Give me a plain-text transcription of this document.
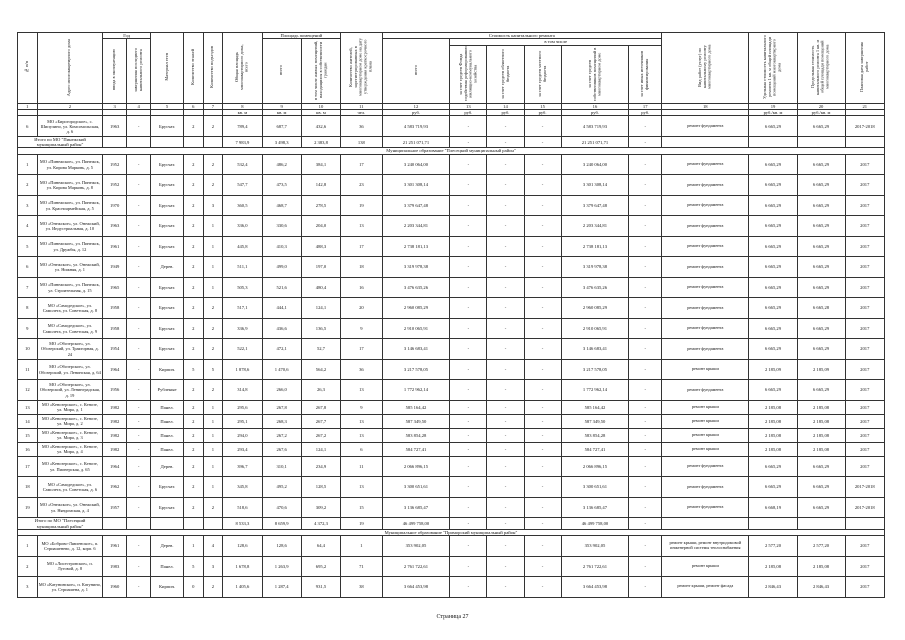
№ п/п	Адрес многоквартирного дома	Год		Материал стен	Количество этажей	Количество подъездов	Общая площадь многоквартирного дома, всего	Площадь помещений		Количество жителей, зарегистрированных в многоквартирном доме на дату утверждения краткосрочного плана	Стоимость капитального ремонта						Вид работ (услуг) по капитальному ремонту многоквартирного дома	Удельная стоимость капитального ремонта 1 кв. м общей площади помещений многоквартирного дома	Предельная стоимость капитального ремонта 1 кв. м общей площади помещений многоквартирного дома	Плановая дата завершения работ
		ввода в эксплуатацию	завершения последнего капитального ремонта					всего	в том числе жилых помещений, находящихся в собственности граждан		всего	в том числе								
												за счет средств Фонда содействия реформированию жилищно-коммунального хозяйства	за счет средств областного бюджета	за счет средств местного бюджета	за счет средств собственников помещений в многоквартирном доме	за счет иных источников финансирования				
1	2	3	4	5	6	7	8	9	10	11	12	13	14	15	16	17	18	19	20	21
							кв. м	кв. м	кв. м	чел.	руб.	руб.	руб.	руб.	руб.	руб.		руб./кв. м	руб./кв. м	
6	МО «Бирогородское», с. Шипулино, ул. Комсомольская, д. 6	1963	-	Брусчат.	2	2	789,4	687,7	432,6	36	4 583 719,93	-	-	-	4 583 719,93	-	ремонт фундамента	6 665,29	6 665,29	2017-2018
Итого по МО "Пинежский муниципальный район"							7 983,9	3 498,3	2 383,8	138	21 251 071,71	-	-	-	21 251 071,71	-				
Муниципальное образование "Плесецкий муниципальный район"																				
1	МО «Пинежское», ул. Пинежск, ул. Кирова Марковь, д. 5	1952	-	Брусчат.	2	2	532,4	486,2	384,1	17	3 240 064,00	-	-	-	3 240 064,00	-	ремонт фундамента	6 665,29	6 665,29	2017
2	МО «Пинежское», ул. Пинежск, ул. Кирова Марковь, д. 8	1952	-	Брусчат.	2	2	547,7	473,5	142,8	23	3 301 308,14	-	-	-	3 301 308,14	-	ремонт фундамента	6 665,29	6 665,29	2017
3	МО «Пинежское», ул. Пинежск, ул. Красноармейская, д. 5	1970	-	Брусчат.	2	3	360,5	468,7	278,5	19	3 379 647,48	-	-	-	3 379 647,48	-	ремонт фундамента	6 665,29	6 665,29	2017
4	МО «Онежское», ул. Онежский, ул. Индустриальная, д. 10	1963	-	Брусчат.	2	1	336,0	330,6	204,0	13	2 203 344,81	-	-	-	2 203 344,81	-	ремонт фундамента	6 665,29	6 665,29	2017
5	МО «Пинежское», ул. Пинежск, ул. Дружбы, д. 12	1961	-	Брусчат.	2	1	445,8	410,3	488,3	17	2 738 181,13	-	-	-	2 738 181,13	-	ремонт фундамента	6 665,29	6 665,29	2017
6	МО «Онежское», ул. Онежский, ул. Нижняя, д. 1	1949	-	Дерев.	2	1	511,1	499,0	197,0	18	3 319 978,38	-	-	-	3 319 978,38	-	ремонт фундамента	6 665,29	6 665,29	2017
7	МО «Пинежское», ул. Пинежск, ул. Строительная, д. 15	1965	-	Брусчат.	2	1	505,3	521,6	480,4	16	3 476 635,26	-	-	-	3 476 635,26	-	ремонт фундамента	6 665,29	6 665,29	2017
8	МО «Самодедское», ул. Самолета, ул. Советская, д. 8	1958	-	Брусчат.	2	2	517,1	444,1	124,1	20	2 960 085,29	-	-	-	2 960 085,29	-	ремонт фундамента	6 665,29	6 665,28	2017
9	МО «Самодедское», ул. Самолета, ул. Советская, д. 9	1958	-	Брусчат.	2	2	336,9	436,6	136,5	9	2 910 065,91	-	-	-	2 910 065,91	-	ремонт фундамента	6 665,29	6 665,29	2017
10	МО «Обозерское», ул. Обозерский, ул. Тракторная, д. 24	1954	-	Брусчат.	2	2	522,1	472,1	52,7	17	3 146 683,41	-	-	-	3 146 683,41	-	ремонт фундамента	6 665,29	6 665,29	2017
11	МО «Обозерское», ул. Обозерский, ул. Ленинская, д. 64	1964	-	Кирпич.	5	5	1 878,6	1 470,6	564,2	36	3 217 578,05	-	-	-	3 217 578,05	-	ремонт крыши	2 185,09	2 185,09	2017
12	МО «Обозерское», ул. Обозерский, ул. Ленинградская, д. 19	1956	-	Рубленые	2	2	314,8	266,0	26,3	13	1 772 962,14	-	-	-	1 772 962,14	-	ремонт фундамента	6 665,29	6 665,29	2017
13	МО «Кенозерское», с. Кенозе, ул. Мира, д. 1	1982	-	Панел.	2	1	295,6	267,8	267,8	9	585 164,42	-	-	-	585 164,42	-	ремонт крыши	2 185,08	2 185,08	2017
14	МО «Кенозерское», с. Кенозе, ул. Мира, д. 2	1982	-	Панел.	2	1	295,1	268,3	267,7	13	587 349,50	-	-	-	587 349,50	-	ремонт крыши	2 185,08	2 185,08	2017
15	МО «Кенозерское», с. Кенозе, ул. Мира, д. 3	1982	-	Панел.	2	1	294,0	267,2	267,2	13	583 854,28	-	-	-	583 854,28	-	ремонт крыши	2 185,08	2 185,08	2017
16	МО «Кенозерское», с. Кенозе, ул. Мира, д. 4	1982	-	Панел.	2	1	293,4	267,6	124,1	6	584 727,41	-	-	-	584 727,41	-	ремонт крыши	2 185,08	2 185,08	2017
17	МО «Кенозерское», с. Кенозе, ул. Пионерская, д. 65	1964	-	Дерев.	2	1	396,7	310,1	234,9	11	2 066 896,15	-	-	-	2 066 896,15	-	ремонт фундамента	6 665,29	6 665,29	2017
18	МО «Самодедское», ул. Самолета, ул. Советская, д. 6	1962	-	Брусчат.	2	1	345,8	495,2	128,5	13	3 300 651,61	-	-	-	3 300 651,61	-	ремонт фундамента	6 665,29	6 665,29	2017-2018
19	МО «Онежское», ул. Онежский, ул. Няндомская, д. 4	1957	-	Брусчат.	2	2	518,6	470,6	309,2	15	3 136 685,47	-	-	-	3 136 685,47	-	ремонт фундамента	6 668,19	6 665,29	2017-2018
Итого по МО "Плесецкий муниципальный район"							8 533,3	8 659,9	4 372,3	19	46 499 758,00	-	-	-	46 499 758,00	-				
Муниципальное образование "Приморский муниципальный район"																				
1	МО «Боброво-Лявленское», п. Стриашенево, д. 12, корп. 6	1961	-	Дерев.	1	4	128,6	128,6	64,4	1	353 902,05	-	-	-	353 902,05	-	ремонт крыши, ремонт внутридомовой инженерной системы теплоснабжения	2 577,20	2 577,20	2017
2	МО «Лисестровское», п. Луговой, д. 8	1983	-	Панел.	5	3	1 678,8	1 263,9	695,2	71	2 761 722,61	-	-	-	2 761 722,61	-	ремонт крыши	2 185,08	2 185,08	2017
3	МО «Катунинское», п. Катунино, ул. Стриашена, д. 1	1960	-	Кирпич.	0	2	1 405,6	1 287,4	931,5	38	3 664 453,98	-	-	-	3 664 453,98	-	ремонт крыши, ремонт фасада	2 846,43	2 846,43	2017
Страница 27
